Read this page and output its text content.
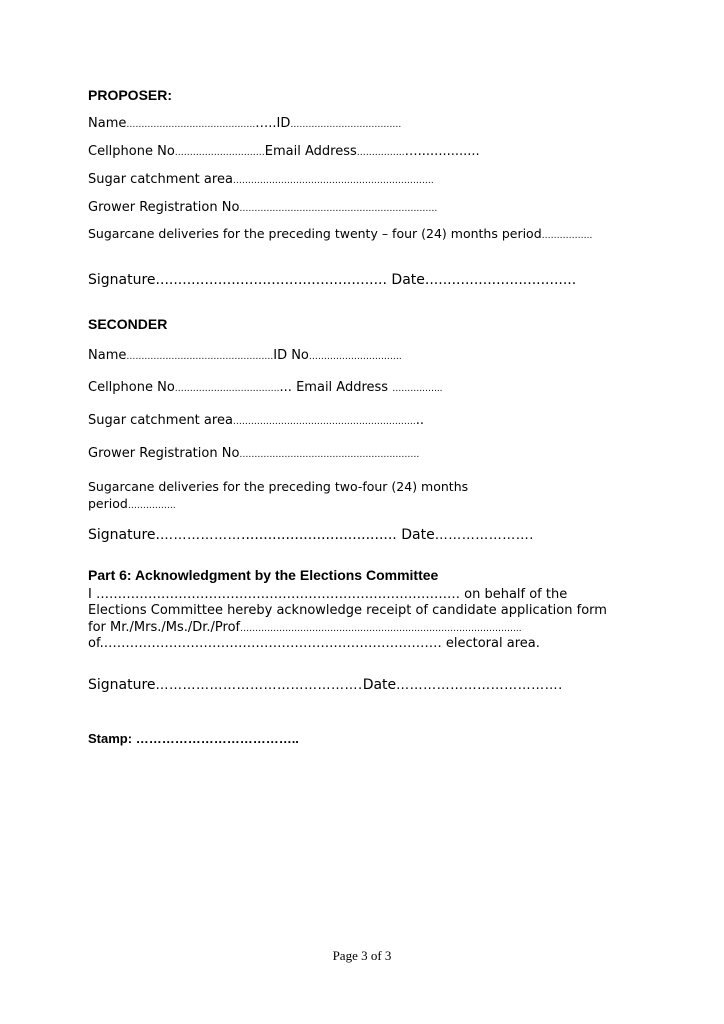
PROPOSER:
Name…………………………………….…..ID……………………………….
Cellphone No…………………………Email Address…………….…...............
Sugar catchment area………………………………………………………….
Grower Registration No…………………………………………………………
Sugarcane deliveries for the preceding twenty – four (24) months period……………..
Signature.................................................... Date..................................
SECONDER
Name………………………………………….ID No………………………….
Cellphone No……………….…………….... Email Address ………..…...
Sugar catchment area……………………………………………………...
Grower Registration No……………………………………………………
Sugarcane deliveries for the preceding two-four (24) months
period…………….
Signature.………………................................... Date………………….
Part 6: Acknowledgment by the Elections Committee
I ………………………………………………………………………… on behalf of the
Elections Committee hereby acknowledge receipt of candidate application form
for Mr./Mrs./Ms./Dr./Prof………………………………………………………………….……………...
of.…………………………………………………………………… electoral area.
Signature……………………………………….Date……………………………….
Stamp: ………………………………..
Page 3 of 3
